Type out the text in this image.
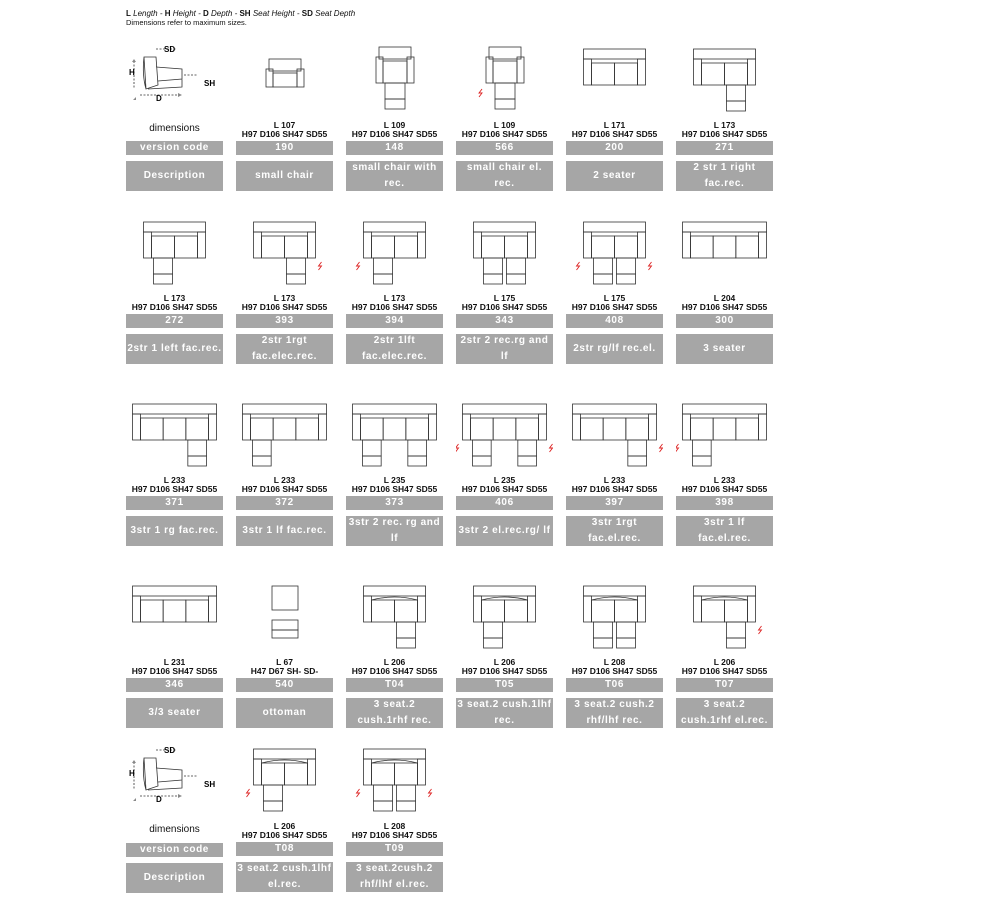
L Length - H Height - D Depth - SH Seat Height - SD Seat Depth
Dimensions refer to maximum sizes.
SD
H
SH
D
dimensions
version code
Description
SD
H
SH
D
dimensions
version code
Description
L 107
H97 D106 SH47 SD55
190
small chair
L 109
H97 D106 SH47 SD55
148
small chair with rec.
L 109
H97 D106 SH47 SD55
566
small chair el. rec.
L 171
H97 D106 SH47 SD55
200
2 seater
L 173
H97 D106 SH47 SD55
271
2 str 1 right fac.rec.
L 173
H97 D106 SH47 SD55
272
2str 1 left fac.rec.
L 173
H97 D106 SH47 SD55
393
2str 1rgt fac.elec.rec.
L 173
H97 D106 SH47 SD55
394
2str 1lft fac.elec.rec.
L 175
H97 D106 SH47 SD55
343
2str 2 rec.rg and lf
L 175
H97 D106 SH47 SD55
408
2str rg/lf rec.el.
L 204
H97 D106 SH47 SD55
300
3 seater
L 233
H97 D106 SH47 SD55
371
3str 1 rg fac.rec.
L 233
H97 D106 SH47 SD55
372
3str 1 lf fac.rec.
L 235
H97 D106 SH47 SD55
373
3str 2 rec. rg and lf
L 235
H97 D106 SH47 SD55
406
3str 2 el.rec.rg/ lf
L 233
H97 D106 SH47 SD55
397
3str 1rgt fac.el.rec.
L 233
H97 D106 SH47 SD55
398
3str 1 lf fac.el.rec.
L 231
H97 D106 SH47 SD55
346
3/3 seater
L 67
H47 D67 SH- SD-
540
ottoman
L 206
H97 D106 SH47 SD55
T04
3 seat.2 cush.1rhf rec.
L 206
H97 D106 SH47 SD55
T05
3 seat.2 cush.1lhf rec.
L 208
H97 D106 SH47 SD55
T06
3 seat.2 cush.2 rhf/lhf rec.
L 206
H97 D106 SH47 SD55
T07
3 seat.2 cush.1rhf el.rec.
L 206
H97 D106 SH47 SD55
T08
3 seat.2 cush.1lhf el.rec.
L 208
H97 D106 SH47 SD55
T09
3 seat.2cush.2 rhf/lhf el.rec.
